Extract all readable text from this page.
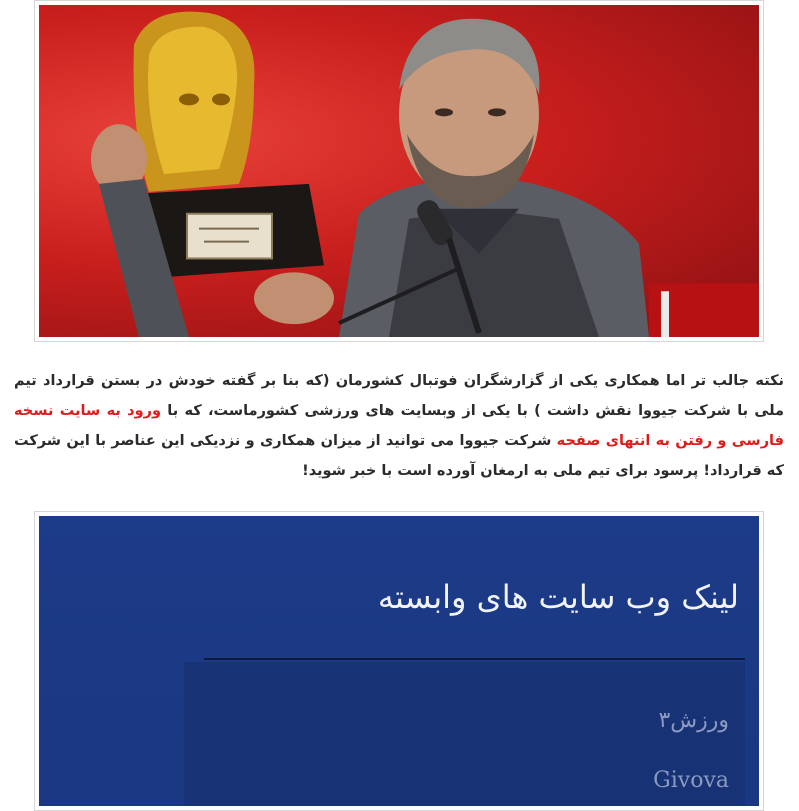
نکته جالب تر اما همکاری یکی از گزارشگران فوتبال کشورمان (که بنا بر گفته خودش در بستن قرارداد تیم ملی با شرکت جیووا نقش داشت ) با یکی از وبسایت های ورزشی کشورماست، که با ورود به سایت نسخه فارسی و رفتن به انتهای صفحه شرکت جیووا می توانید از میزان همکاری و نزدیکی این عناصر با این شرکت که قرارداد! پرسود برای تیم ملی به ارمغان آورده است با خبر شوید!

لینک وب سایت های وابسته
ورزش۳
Givova
